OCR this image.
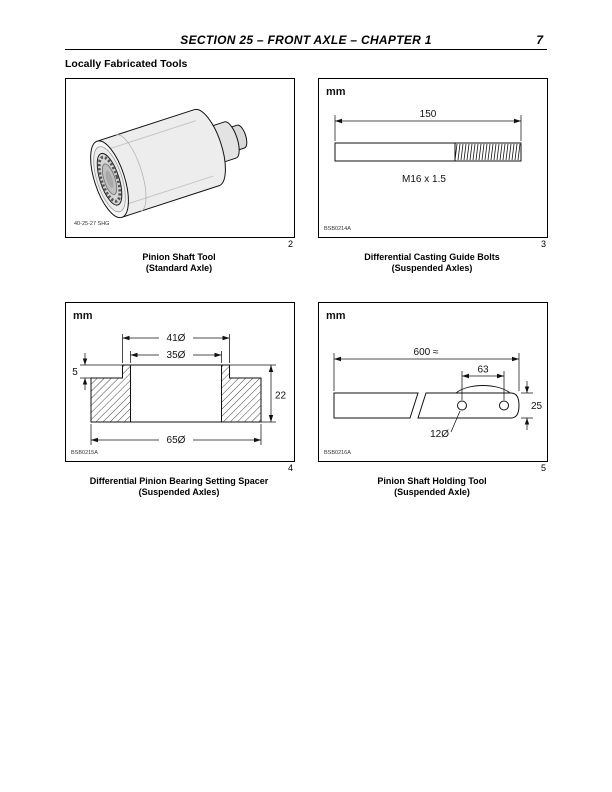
SECTION 25 – FRONT AXLE – CHAPTER 1	7
Locally Fabricated Tools
40-25-27 SHG
2
Pinion Shaft Tool
(Standard Axle)
mm
150
M16 x 1.5
BSB0214A
3
Differential Casting Guide Bolts
(Suspended Axles)
mm
41Ø
35Ø
5
22
65Ø
BSB0215A
4
Differential Pinion Bearing Setting Spacer
(Suspended Axles)
mm
600 ≈
63
12Ø
25
BSB0216A
5
Pinion Shaft Holding Tool
(Suspended Axle)
